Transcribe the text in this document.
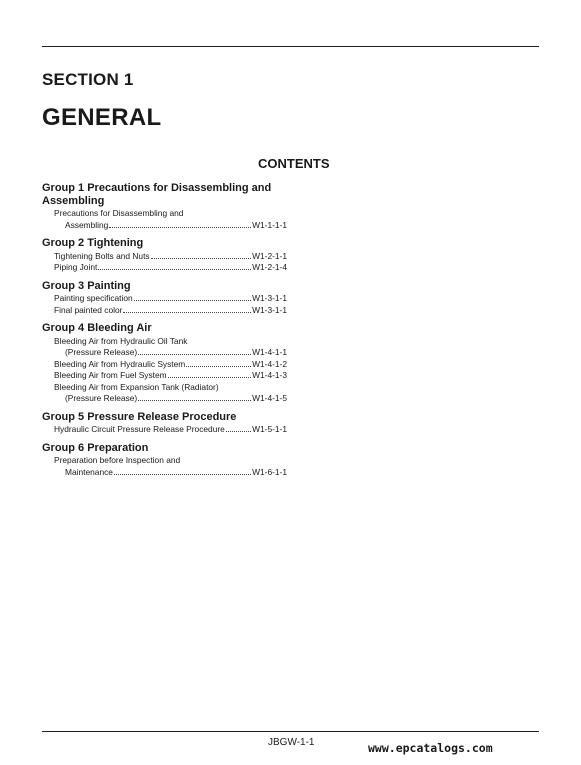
SECTION 1
GENERAL
CONTENTS
Group 1 Precautions for Disassembling and
Assembling
Precautions for Disassembling and
Assembling	W1-1-1-1
Group 2 Tightening
Tightening Bolts and Nuts	W1-2-1-1
Piping Joint	W1-2-1-4
Group 3 Painting
Painting specification	W1-3-1-1
Final painted color	W1-3-1-1
Group 4 Bleeding Air
Bleeding Air from Hydraulic Oil Tank
(Pressure Release)	W1-4-1-1
Bleeding Air from Hydraulic System	W1-4-1-2
Bleeding Air from Fuel System	W1-4-1-3
Bleeding Air from Expansion Tank (Radiator)
(Pressure Release)	W1-4-1-5
Group 5 Pressure Release Procedure
Hydraulic Circuit Pressure Release Procedure	W1-5-1-1
Group 6 Preparation
Preparation before Inspection and
Maintenance	W1-6-1-1
JBGW-1-1	www.epcatalogs.com
